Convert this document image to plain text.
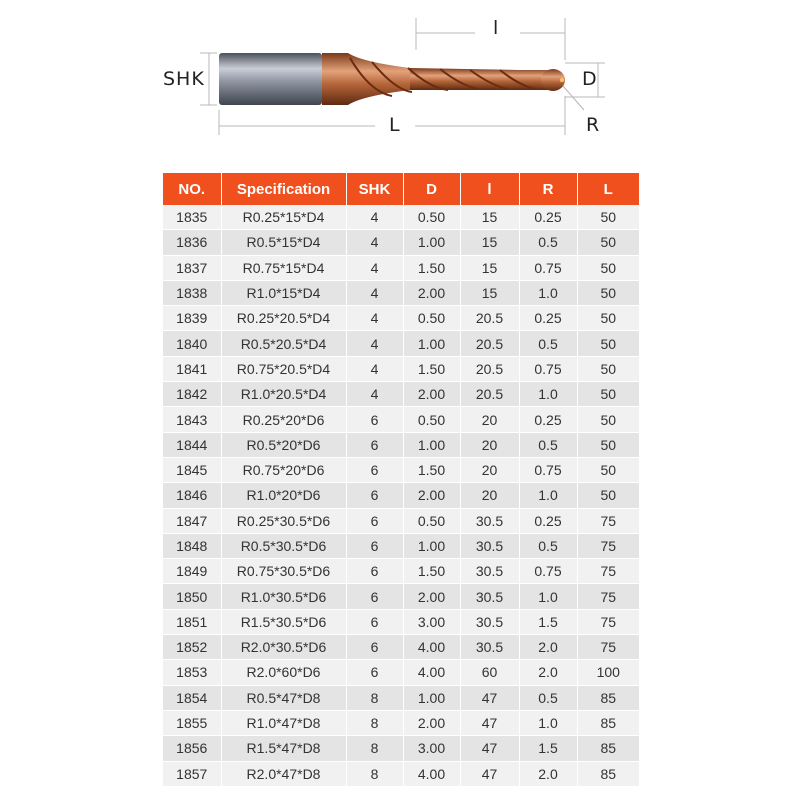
SHK
l
D
R
L
NO.	Specification	SHK	D	l	R	L
1835	R0.25*15*D4	4	0.50	15	0.25	50
1836	R0.5*15*D4	4	1.00	15	0.5	50
1837	R0.75*15*D4	4	1.50	15	0.75	50
1838	R1.0*15*D4	4	2.00	15	1.0	50
1839	R0.25*20.5*D4	4	0.50	20.5	0.25	50
1840	R0.5*20.5*D4	4	1.00	20.5	0.5	50
1841	R0.75*20.5*D4	4	1.50	20.5	0.75	50
1842	R1.0*20.5*D4	4	2.00	20.5	1.0	50
1843	R0.25*20*D6	6	0.50	20	0.25	50
1844	R0.5*20*D6	6	1.00	20	0.5	50
1845	R0.75*20*D6	6	1.50	20	0.75	50
1846	R1.0*20*D6	6	2.00	20	1.0	50
1847	R0.25*30.5*D6	6	0.50	30.5	0.25	75
1848	R0.5*30.5*D6	6	1.00	30.5	0.5	75
1849	R0.75*30.5*D6	6	1.50	30.5	0.75	75
1850	R1.0*30.5*D6	6	2.00	30.5	1.0	75
1851	R1.5*30.5*D6	6	3.00	30.5	1.5	75
1852	R2.0*30.5*D6	6	4.00	30.5	2.0	75
1853	R2.0*60*D6	6	4.00	60	2.0	100
1854	R0.5*47*D8	8	1.00	47	0.5	85
1855	R1.0*47*D8	8	2.00	47	1.0	85
1856	R1.5*47*D8	8	3.00	47	1.5	85
1857	R2.0*47*D8	8	4.00	47	2.0	85
